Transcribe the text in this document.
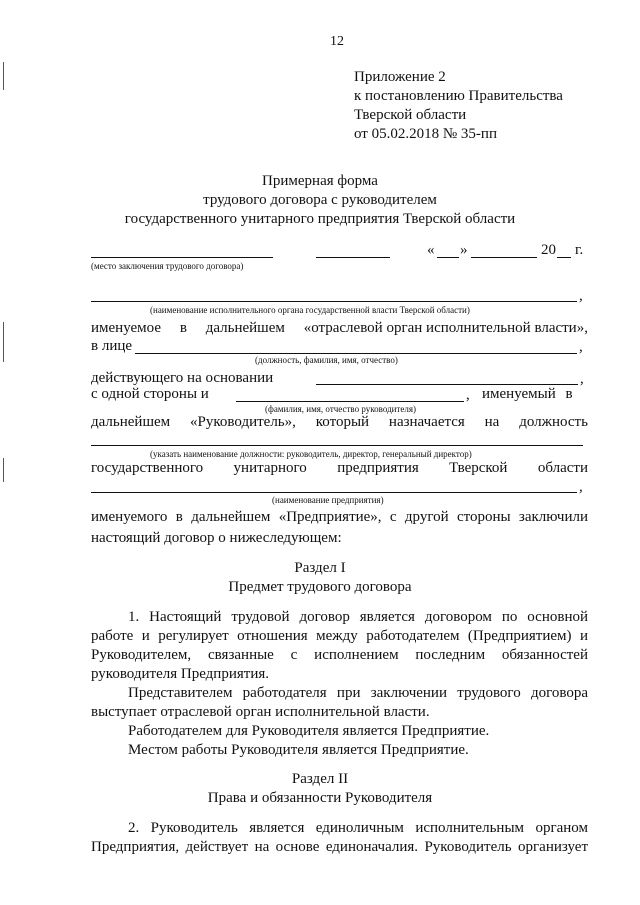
12
Приложение 2
к постановлению Правительства
Тверской области
от 05.02.2018 № 35-пп
Примерная форма
трудового договора с руководителем
государственного унитарного предприятия Тверской области
« »	20 г.
(место заключения трудового договора)
,
(наименование исполнительного органа государственной власти Тверской области)
именуемое в дальнейшем «отраслевой орган исполнительной власти»,
в лице	,
(должность, фамилия, имя, отчество)
действующего на основании	,
с одной стороны и	, именуемый в
(фамилия, имя, отчество руководителя)
дальнейшем «Руководитель», который назначается на должность
(указать наименование должности: руководитель, директор, генеральный директор)
государственного унитарного предприятия Тверской области
,
(наименование предприятия)
именуемого в дальнейшем «Предприятие», с другой стороны заключили
настоящий договор о нижеследующем:
Раздел I
Предмет трудового договора
1. Настоящий трудовой договор является договором по основной
работе и регулирует отношения между работодателем (Предприятием) и
Руководителем, связанные с исполнением последним обязанностей
руководителя Предприятия.
Представителем работодателя при заключении трудового договора
выступает отраслевой орган исполнительной власти.
Работодателем для Руководителя является Предприятие.
Местом работы Руководителя является Предприятие.
Раздел II
Права и обязанности Руководителя
2. Руководитель является единоличным исполнительным органом
Предприятия, действует на основе единоначалия. Руководитель организует
